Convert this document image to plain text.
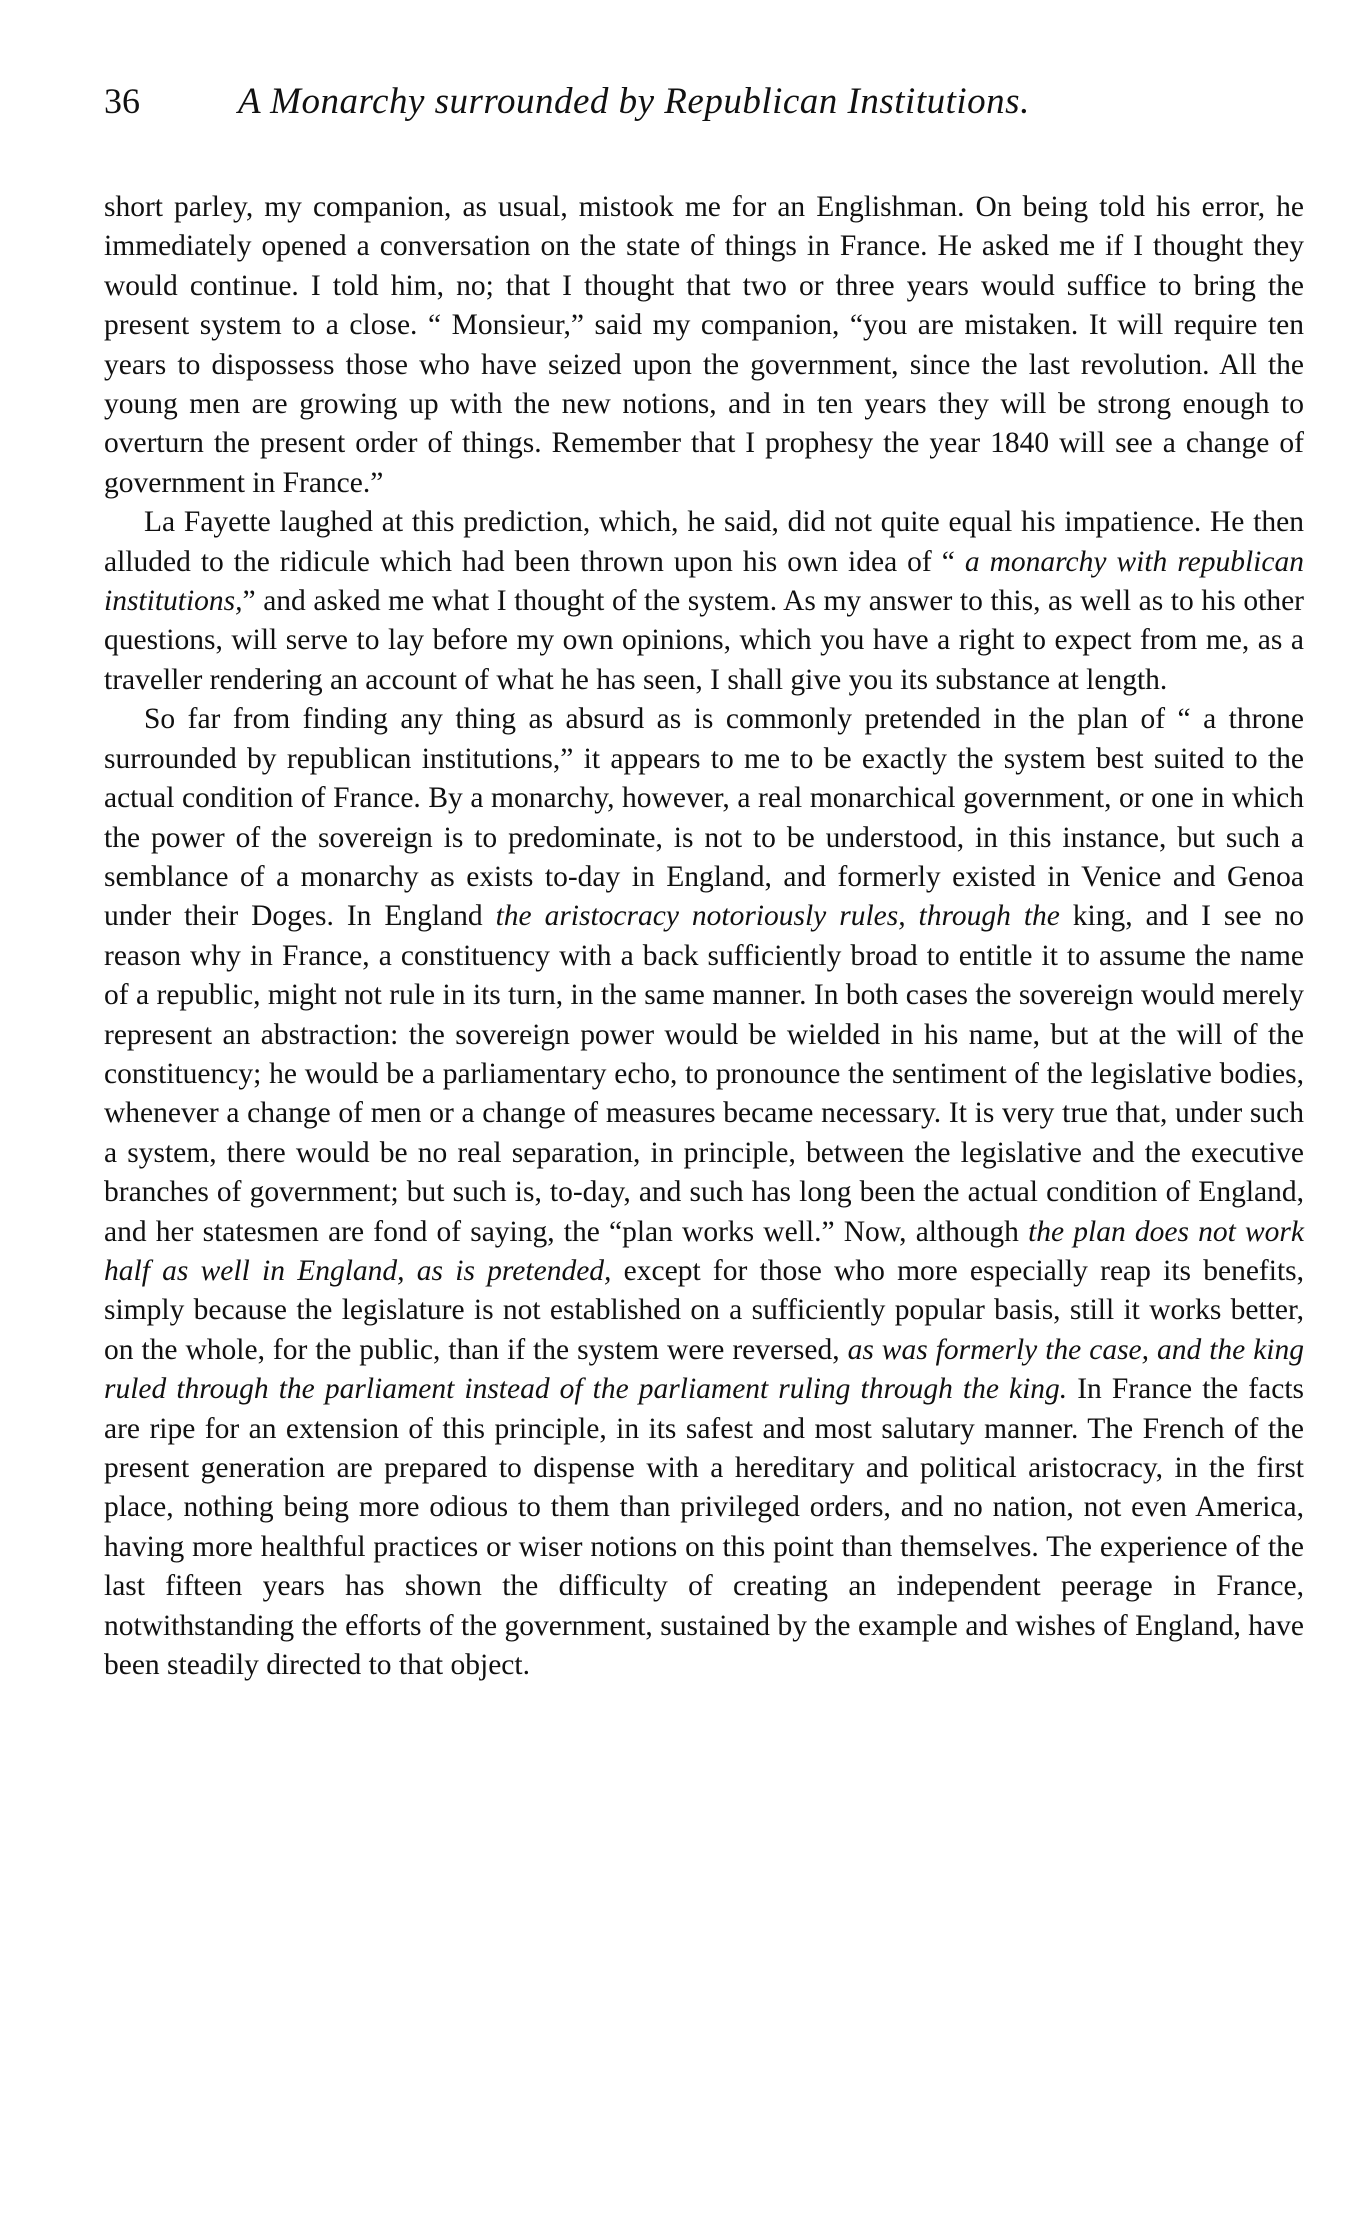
36	A Monarchy surrounded by Republican Institutions.

short parley, my companion, as usual, mistook me for an Englishman. On being told his error, he immediately opened a conversation on the state of things in France. He asked me if I thought they would continue. I told him, no; that I thought that two or three years would suffice to bring the present system to a close. “ Monsieur,” said my companion, “you are mistaken. It will require ten years to dispossess those who have seized upon the government, since the last revolution. All the young men are growing up with the new notions, and in ten years they will be strong enough to overturn the present order of things. Remember that I prophesy the year 1840 will see a change of government in France.”

La Fayette laughed at this prediction, which, he said, did not quite equal his impatience. He then alluded to the ridicule which had been thrown upon his own idea of “ a monarchy with republican institutions,” and asked me what I thought of the system. As my answer to this, as well as to his other questions, will serve to lay before my own opinions, which you have a right to expect from me, as a traveller rendering an account of what he has seen, I shall give you its substance at length.

So far from finding any thing as absurd as is commonly pretended in the plan of “ a throne surrounded by republican institutions,” it appears to me to be exactly the system best suited to the actual condition of France. By a monarchy, however, a real monarchical government, or one in which the power of the sovereign is to predominate, is not to be understood, in this instance, but such a semblance of a monarchy as exists to-day in England, and formerly existed in Venice and Genoa under their Doges. In England the aristocracy notoriously rules, through the king, and I see no reason why in France, a constituency with a back sufficiently broad to entitle it to assume the name of a republic, might not rule in its turn, in the same manner. In both cases the sovereign would merely represent an abstraction: the sovereign power would be wielded in his name, but at the will of the constituency; he would be a parliamentary echo, to pronounce the sentiment of the legislative bodies, whenever a change of men or a change of measures became necessary. It is very true that, under such a system, there would be no real separation, in principle, between the legislative and the executive branches of government; but such is, to-day, and such has long been the actual condition of England, and her statesmen are fond of saying, the “plan works well.” Now, although the plan does not work half as well in England, as is pretended, except for those who more especially reap its benefits, simply because the legislature is not established on a sufficiently popular basis, still it works better, on the whole, for the public, than if the system were reversed, as was formerly the case, and the king ruled through the parliament instead of the parliament ruling through the king. In France the facts are ripe for an extension of this principle, in its safest and most salutary manner. The French of the present generation are prepared to dispense with a hereditary and political aristocracy, in the first place, nothing being more odious to them than privileged orders, and no nation, not even America, having more healthful practices or wiser notions on this point than themselves. The experience of the last fifteen years has shown the difficulty of creating an independent peerage in France, notwithstanding the efforts of the government, sustained by the example and wishes of England, have been steadily directed to that object.
